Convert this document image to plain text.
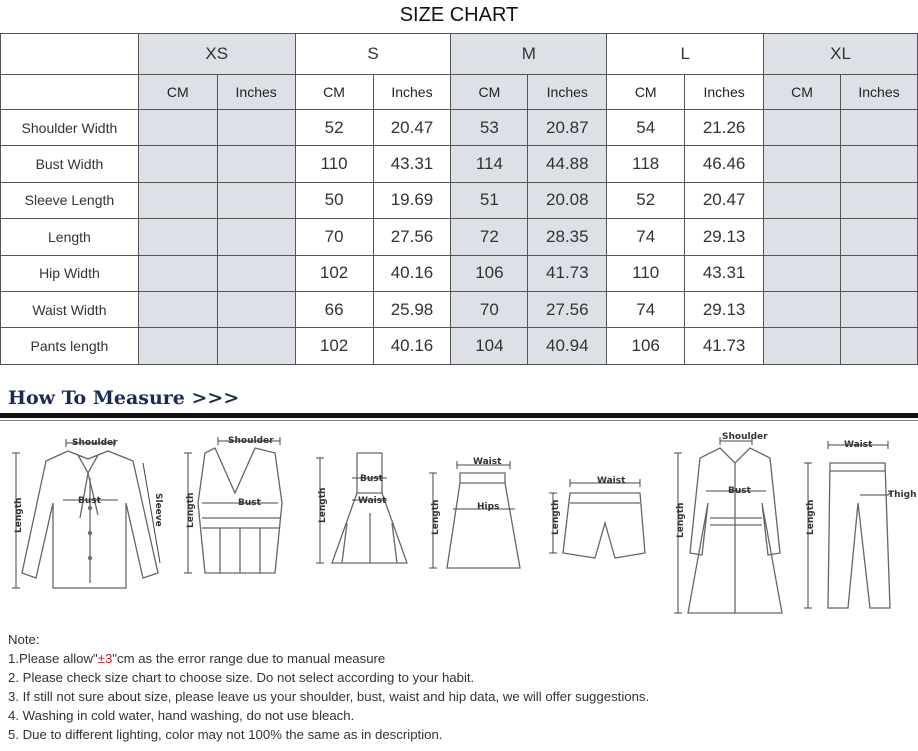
SIZE CHART
	XS		S		M		L		XL	
	CM	Inches	CM	Inches	CM	Inches	CM	Inches	CM	Inches
Shoulder Width			52	20.47	53	20.87	54	21.26		
Bust Width			110	43.31	114	44.88	118	46.46		
Sleeve Length			50	19.69	51	20.08	52	20.47		
Length			70	27.56	72	28.35	74	29.13		
Hip Width			102	40.16	106	41.73	110	43.31		
Waist Width			66	25.98	70	27.56	74	29.13		
Pants length			102	40.16	104	40.94	106	41.73		
How To Measure >>>
Shoulder
Bust
Length	Sleeve
Shoulder
Bust
Length
Bust
Waist
Length
Waist
Hips
Length
Waist
Length
Shoulder
Bust
Length
Waist
Thigh
Length
Note:
1.Please allow"±3"cm as the error range due to manual measure
2. Please check size chart to choose size. Do not select according to your habit.
3. If still not sure about size, please leave us your shoulder, bust, waist and hip data, we will offer suggestions.
4. Washing in cold water, hand washing, do not use bleach.
5. Due to different lighting, color may not 100% the same as in description.
